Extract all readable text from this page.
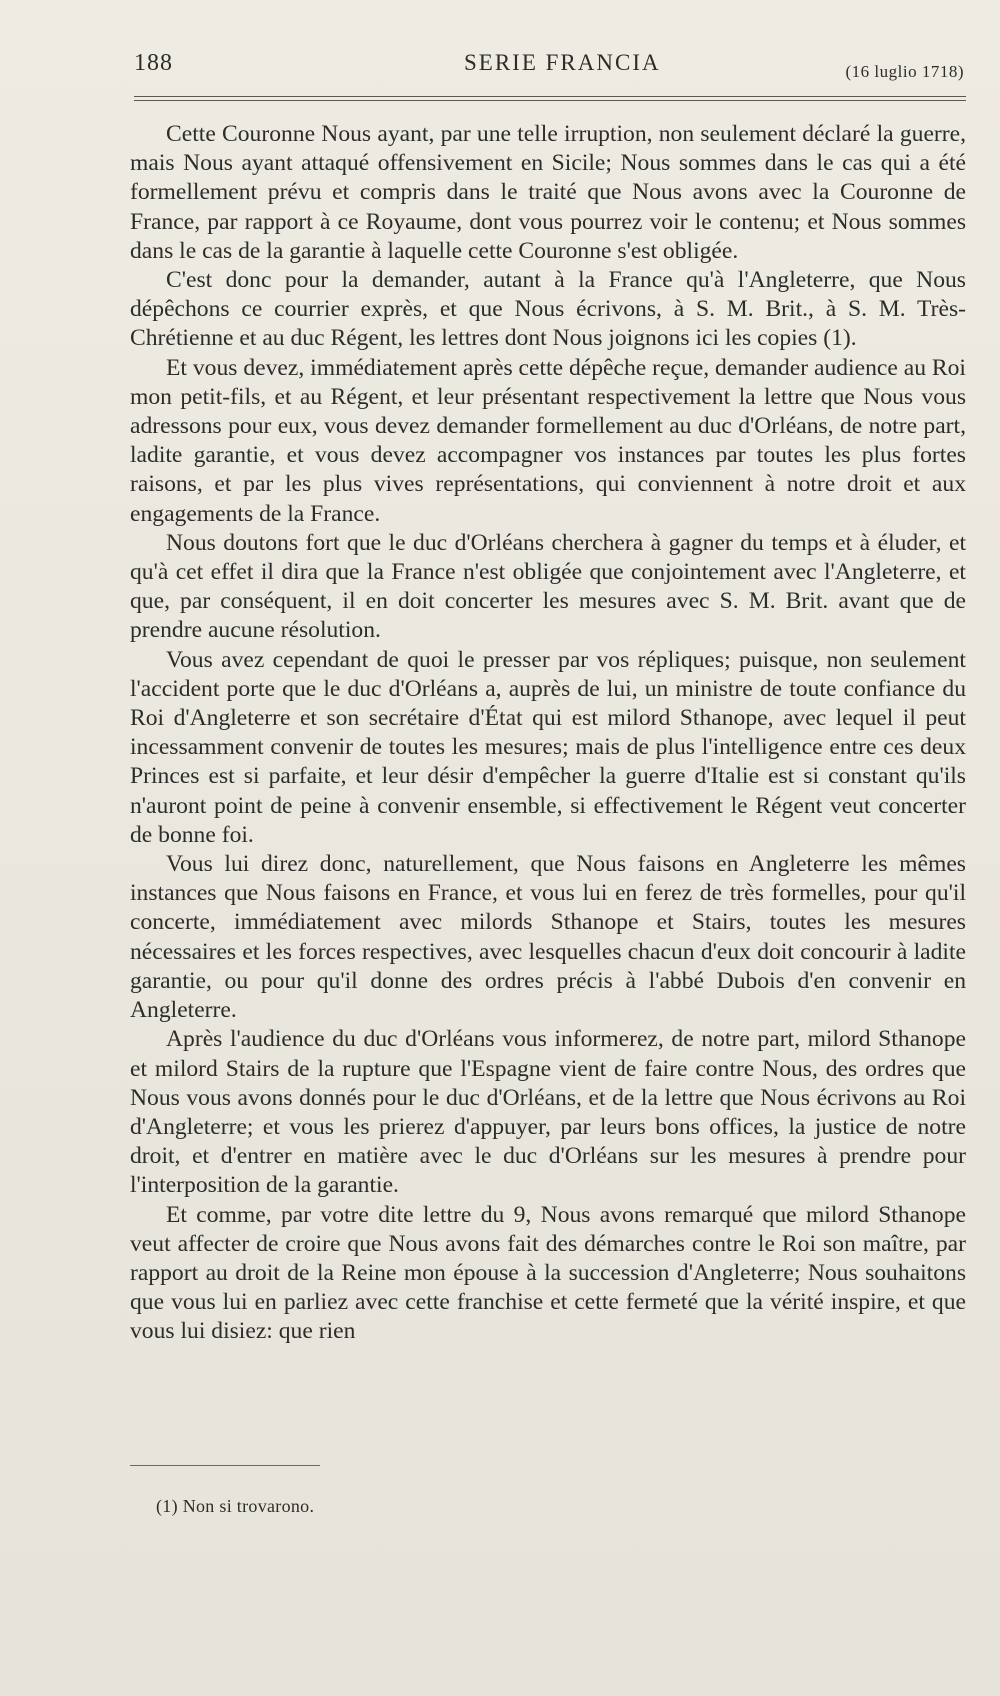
188	SERIE FRANCIA	(16 luglio 1718)

Cette Couronne Nous ayant, par une telle irruption, non seulement déclaré la guerre, mais Nous ayant attaqué offensivement en Sicile; Nous sommes dans le cas qui a été formellement prévu et compris dans le traité que Nous avons avec la Couronne de France, par rapport à ce Royaume, dont vous pourrez voir le contenu; et Nous sommes dans le cas de la garantie à laquelle cette Couronne s'est obligée.

C'est donc pour la demander, autant à la France qu'à l'Angleterre, que Nous dépêchons ce courrier exprès, et que Nous écrivons, à S. M. Brit., à S. M. Très-Chrétienne et au duc Régent, les lettres dont Nous joignons ici les copies (1).

Et vous devez, immédiatement après cette dépêche reçue, demander audience au Roi mon petit-fils, et au Régent, et leur présentant respectivement la lettre que Nous vous adressons pour eux, vous devez demander formellement au duc d'Orléans, de notre part, ladite garantie, et vous devez accompagner vos instances par toutes les plus fortes raisons, et par les plus vives représentations, qui conviennent à notre droit et aux engagements de la France.

Nous doutons fort que le duc d'Orléans cherchera à gagner du temps et à éluder, et qu'à cet effet il dira que la France n'est obligée que conjointement avec l'Angleterre, et que, par conséquent, il en doit concerter les mesures avec S. M. Brit. avant que de prendre aucune résolution.

Vous avez cependant de quoi le presser par vos répliques; puisque, non seulement l'accident porte que le duc d'Orléans a, auprès de lui, un ministre de toute confiance du Roi d'Angleterre et son secrétaire d'État qui est milord Sthanope, avec lequel il peut incessamment convenir de toutes les mesures; mais de plus l'intelligence entre ces deux Princes est si parfaite, et leur désir d'empêcher la guerre d'Italie est si constant qu'ils n'auront point de peine à convenir ensemble, si effectivement le Régent veut concerter de bonne foi.

Vous lui direz donc, naturellement, que Nous faisons en Angleterre les mêmes instances que Nous faisons en France, et vous lui en ferez de très formelles, pour qu'il concerte, immédiatement avec milords Sthanope et Stairs, toutes les mesures nécessaires et les forces respectives, avec lesquelles chacun d'eux doit concourir à ladite garantie, ou pour qu'il donne des ordres précis à l'abbé Dubois d'en convenir en Angleterre.

Après l'audience du duc d'Orléans vous informerez, de notre part, milord Sthanope et milord Stairs de la rupture que l'Espagne vient de faire contre Nous, des ordres que Nous vous avons donnés pour le duc d'Orléans, et de la lettre que Nous écrivons au Roi d'Angleterre; et vous les prierez d'appuyer, par leurs bons offices, la justice de notre droit, et d'entrer en matière avec le duc d'Orléans sur les mesures à prendre pour l'interposition de la garantie.

Et comme, par votre dite lettre du 9, Nous avons remarqué que milord Sthanope veut affecter de croire que Nous avons fait des démarches contre le Roi son maître, par rapport au droit de la Reine mon épouse à la succession d'Angleterre; Nous souhaitons que vous lui en parliez avec cette franchise et cette fermeté que la vérité inspire, et que vous lui disiez: que rien

(1) Non si trovarono.
